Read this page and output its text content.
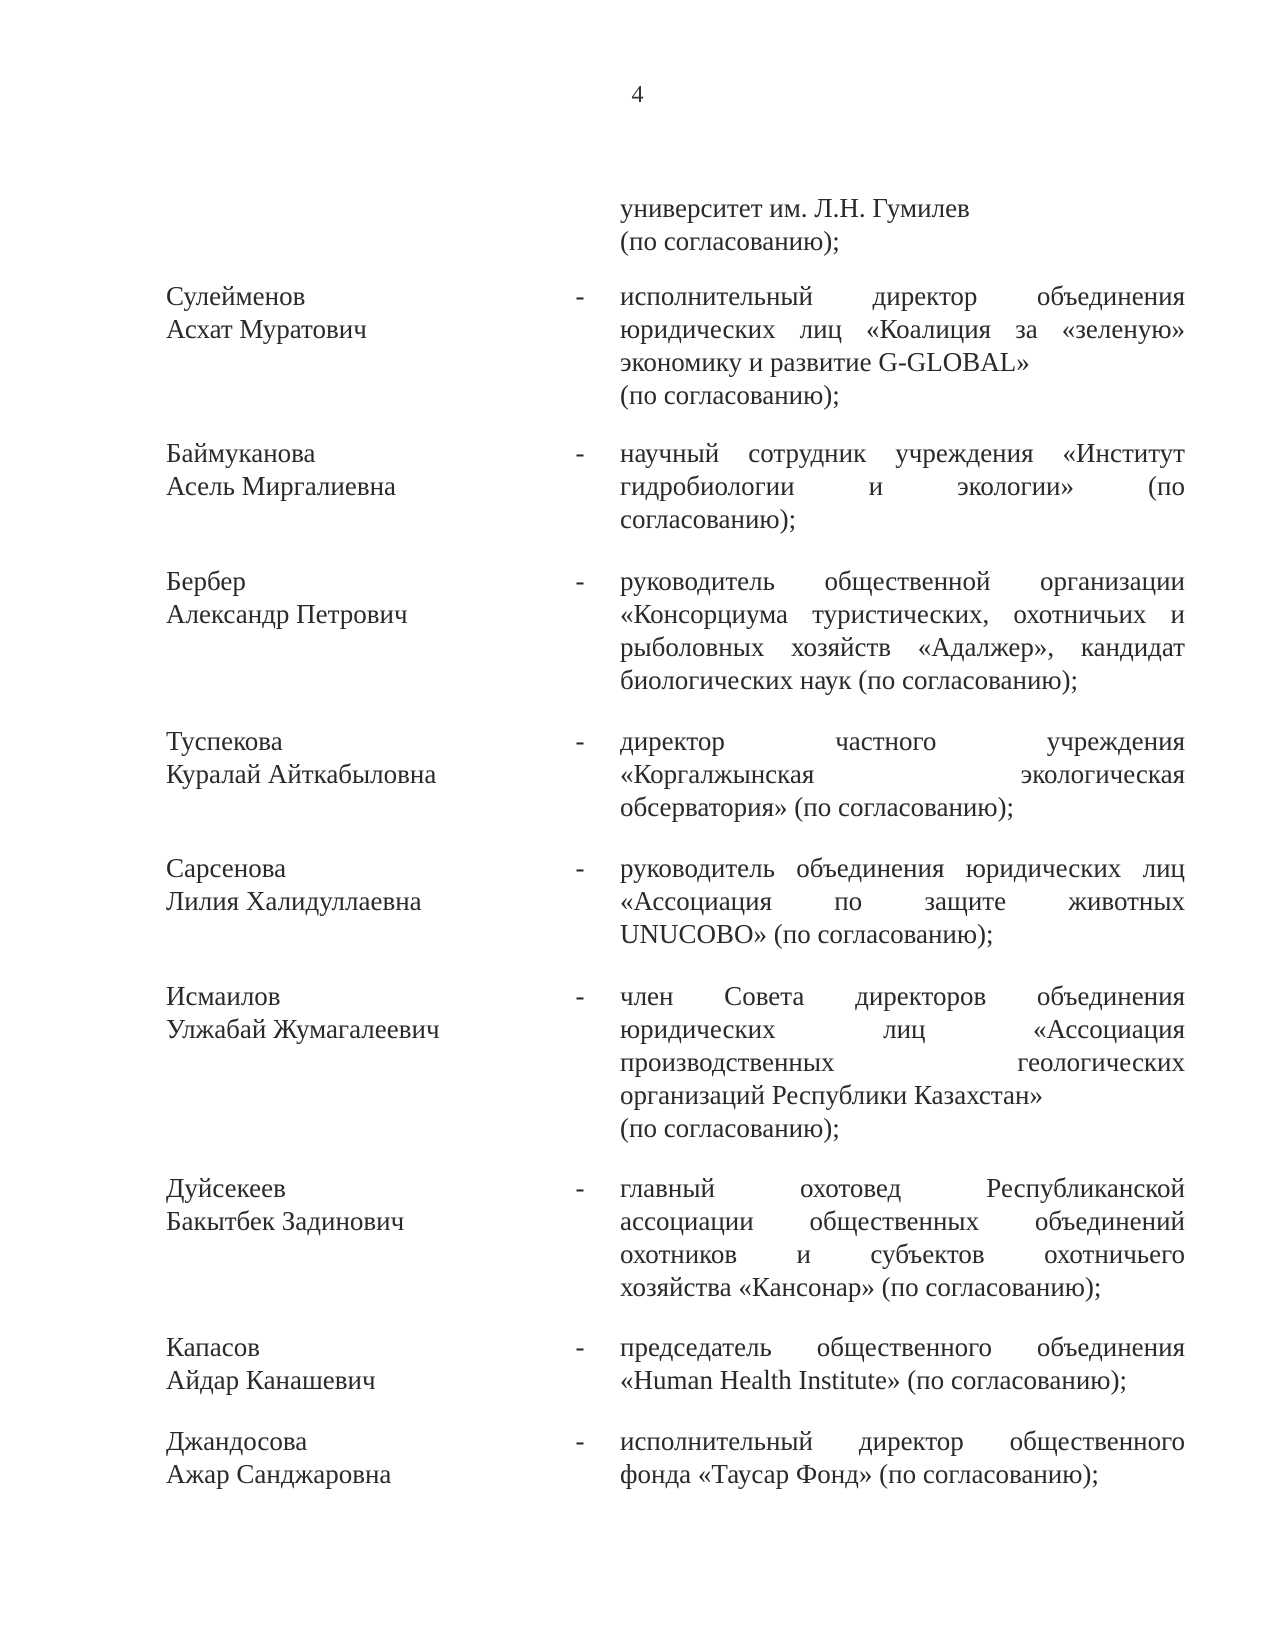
4
университет им. Л.Н. Гумилев
(по согласованию);
Сулейменов
Асхат Муратович
- исполнительный директор объединения
юридических лиц «Коалиция за «зеленую»
экономику и развитие G-GLOBAL»
(по согласованию);
Баймуканова
Асель Миргалиевна
- научный сотрудник учреждения «Институт
гидробиологии и экологии» (по
согласованию);
Бербер
Александр Петрович
- руководитель общественной организации
«Консорциума туристических, охотничьих и
рыболовных хозяйств «Адалжер», кандидат
биологических наук (по согласованию);
Туспекова
Куралай Айткабыловна
- директор частного учреждения
«Коргалжынская экологическая
обсерватория» (по согласованию);
Сарсенова
Лилия Халидуллаевна
- руководитель объединения юридических лиц
«Ассоциация по защите животных
UNUCOBO» (по согласованию);
Исмаилов
Улжабай Жумагалеевич
- член Совета директоров объединения
юридических лиц «Ассоциация
производственных геологических
организаций Республики Казахстан»
(по согласованию);
Дуйсекеев
Бакытбек Задинович
- главный охотовед Республиканской
ассоциации общественных объединений
охотников и субъектов охотничьего
хозяйства «Кансонар» (по согласованию);
Капасов
Айдар Канашевич
- председатель общественного объединения
«Human Health Institute» (по согласованию);
Джандосова
Ажар Санджаровна
- исполнительный директор общественного
фонда «Таусар Фонд» (по согласованию);
